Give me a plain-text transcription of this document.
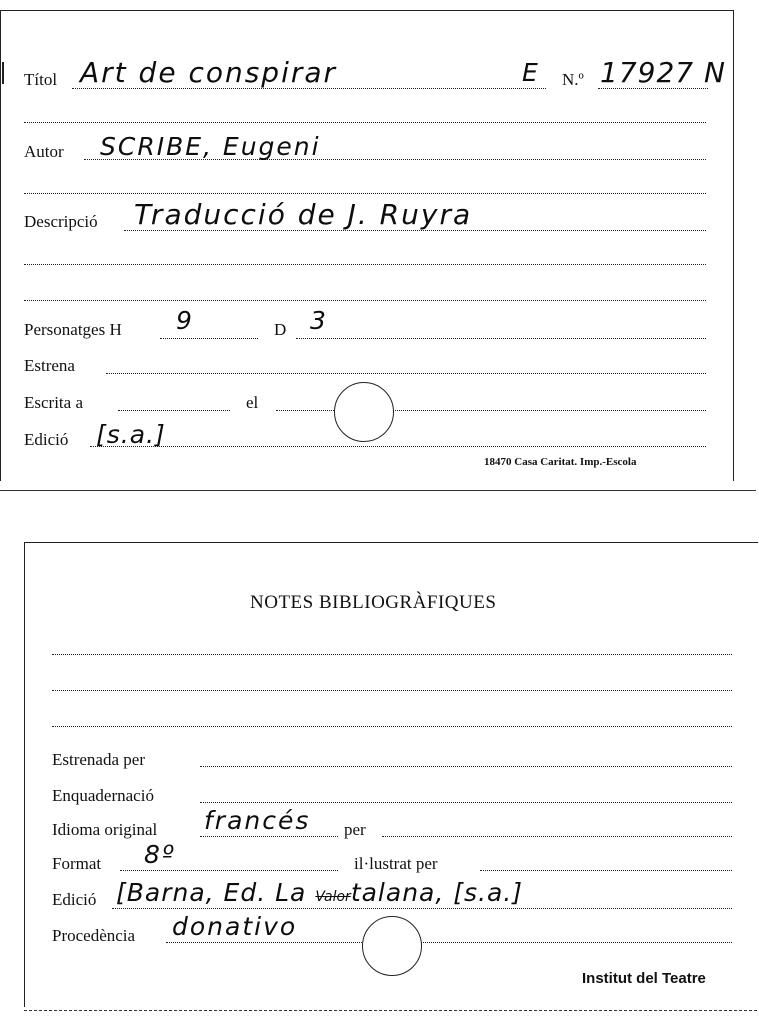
Títol Art de conspirar	E N.º 17927 N
Autor SCRIBE, Eugeni
Descripció Traducció de J. Ruyra
Personatges H 9	D 3
Estrena
Escrita a	el
Edició [s.a.]
18470 Casa Caritat. Imp.-Escola
NOTES BIBLIOGRÀFIQUES
Estrenada per
Enquadernació
Idioma original francés per
Format 8º	il·lustrat per
Edició [Barna, Ed. La Valortalana, [s.a.]
Procedència donativo
Institut del Teatre
